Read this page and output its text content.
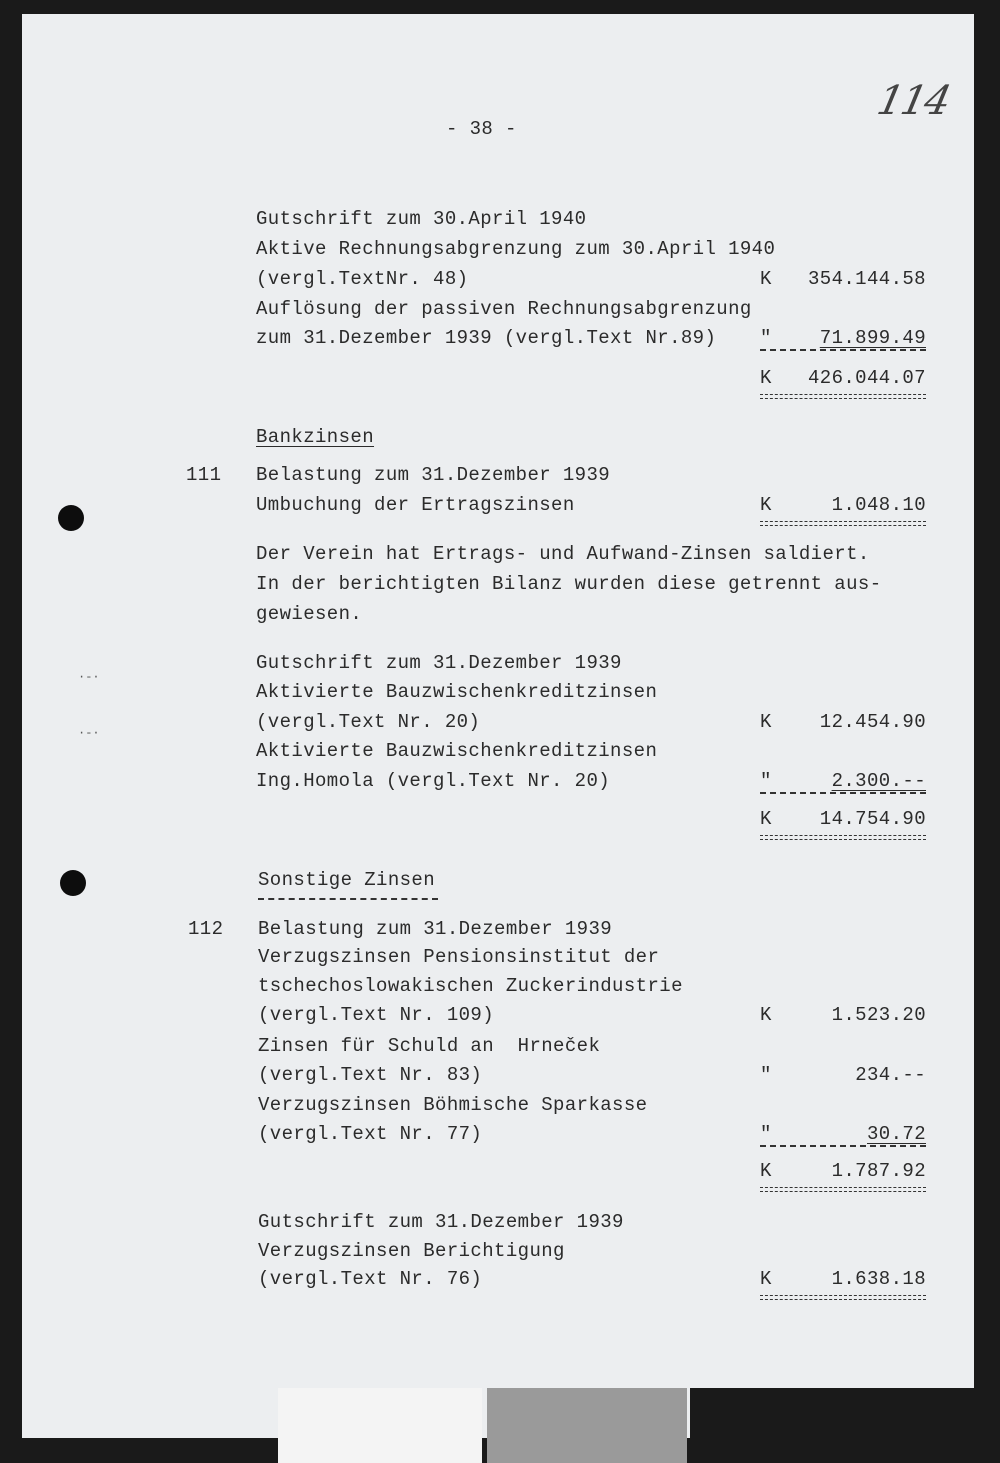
·-·
·-·
114
- 38 -
Gutschrift zum 30.April 1940
Aktive Rechnungsabgrenzung zum 30.April 1940
(vergl.TextNr. 48)	K	354.144.58
Auflösung der passiven Rechnungsabgrenzung
zum 31.Dezember 1939 (vergl.Text Nr.89) "	71.899.49
K	426.044.07
Bankzinsen
111 Belastung zum 31.Dezember 1939
Umbuchung der Ertragszinsen	K	1.048.10
Der Verein hat Ertrags- und Aufwand-Zinsen saldiert.
In der berichtigten Bilanz wurden diese getrennt aus-
gewiesen.
Gutschrift zum 31.Dezember 1939
Aktivierte Bauzwischenkreditzinsen
(vergl.Text Nr. 20)	K	12.454.90
Aktivierte Bauzwischenkreditzinsen
Ing.Homola (vergl.Text Nr. 20)	"	2.300.--
K	14.754.90
Sonstige Zinsen
112 Belastung zum 31.Dezember 1939
Verzugszinsen Pensionsinstitut der
tschechoslowakischen Zuckerindustrie
(vergl.Text Nr. 109)	K	1.523.20
Zinsen für Schuld an  Hrneček
(vergl.Text Nr. 83)	"	234.--
Verzugszinsen Böhmische Sparkasse
(vergl.Text Nr. 77)	"	30.72
K	1.787.92
Gutschrift zum 31.Dezember 1939
Verzugszinsen Berichtigung
(vergl.Text Nr. 76)	K	1.638.18
